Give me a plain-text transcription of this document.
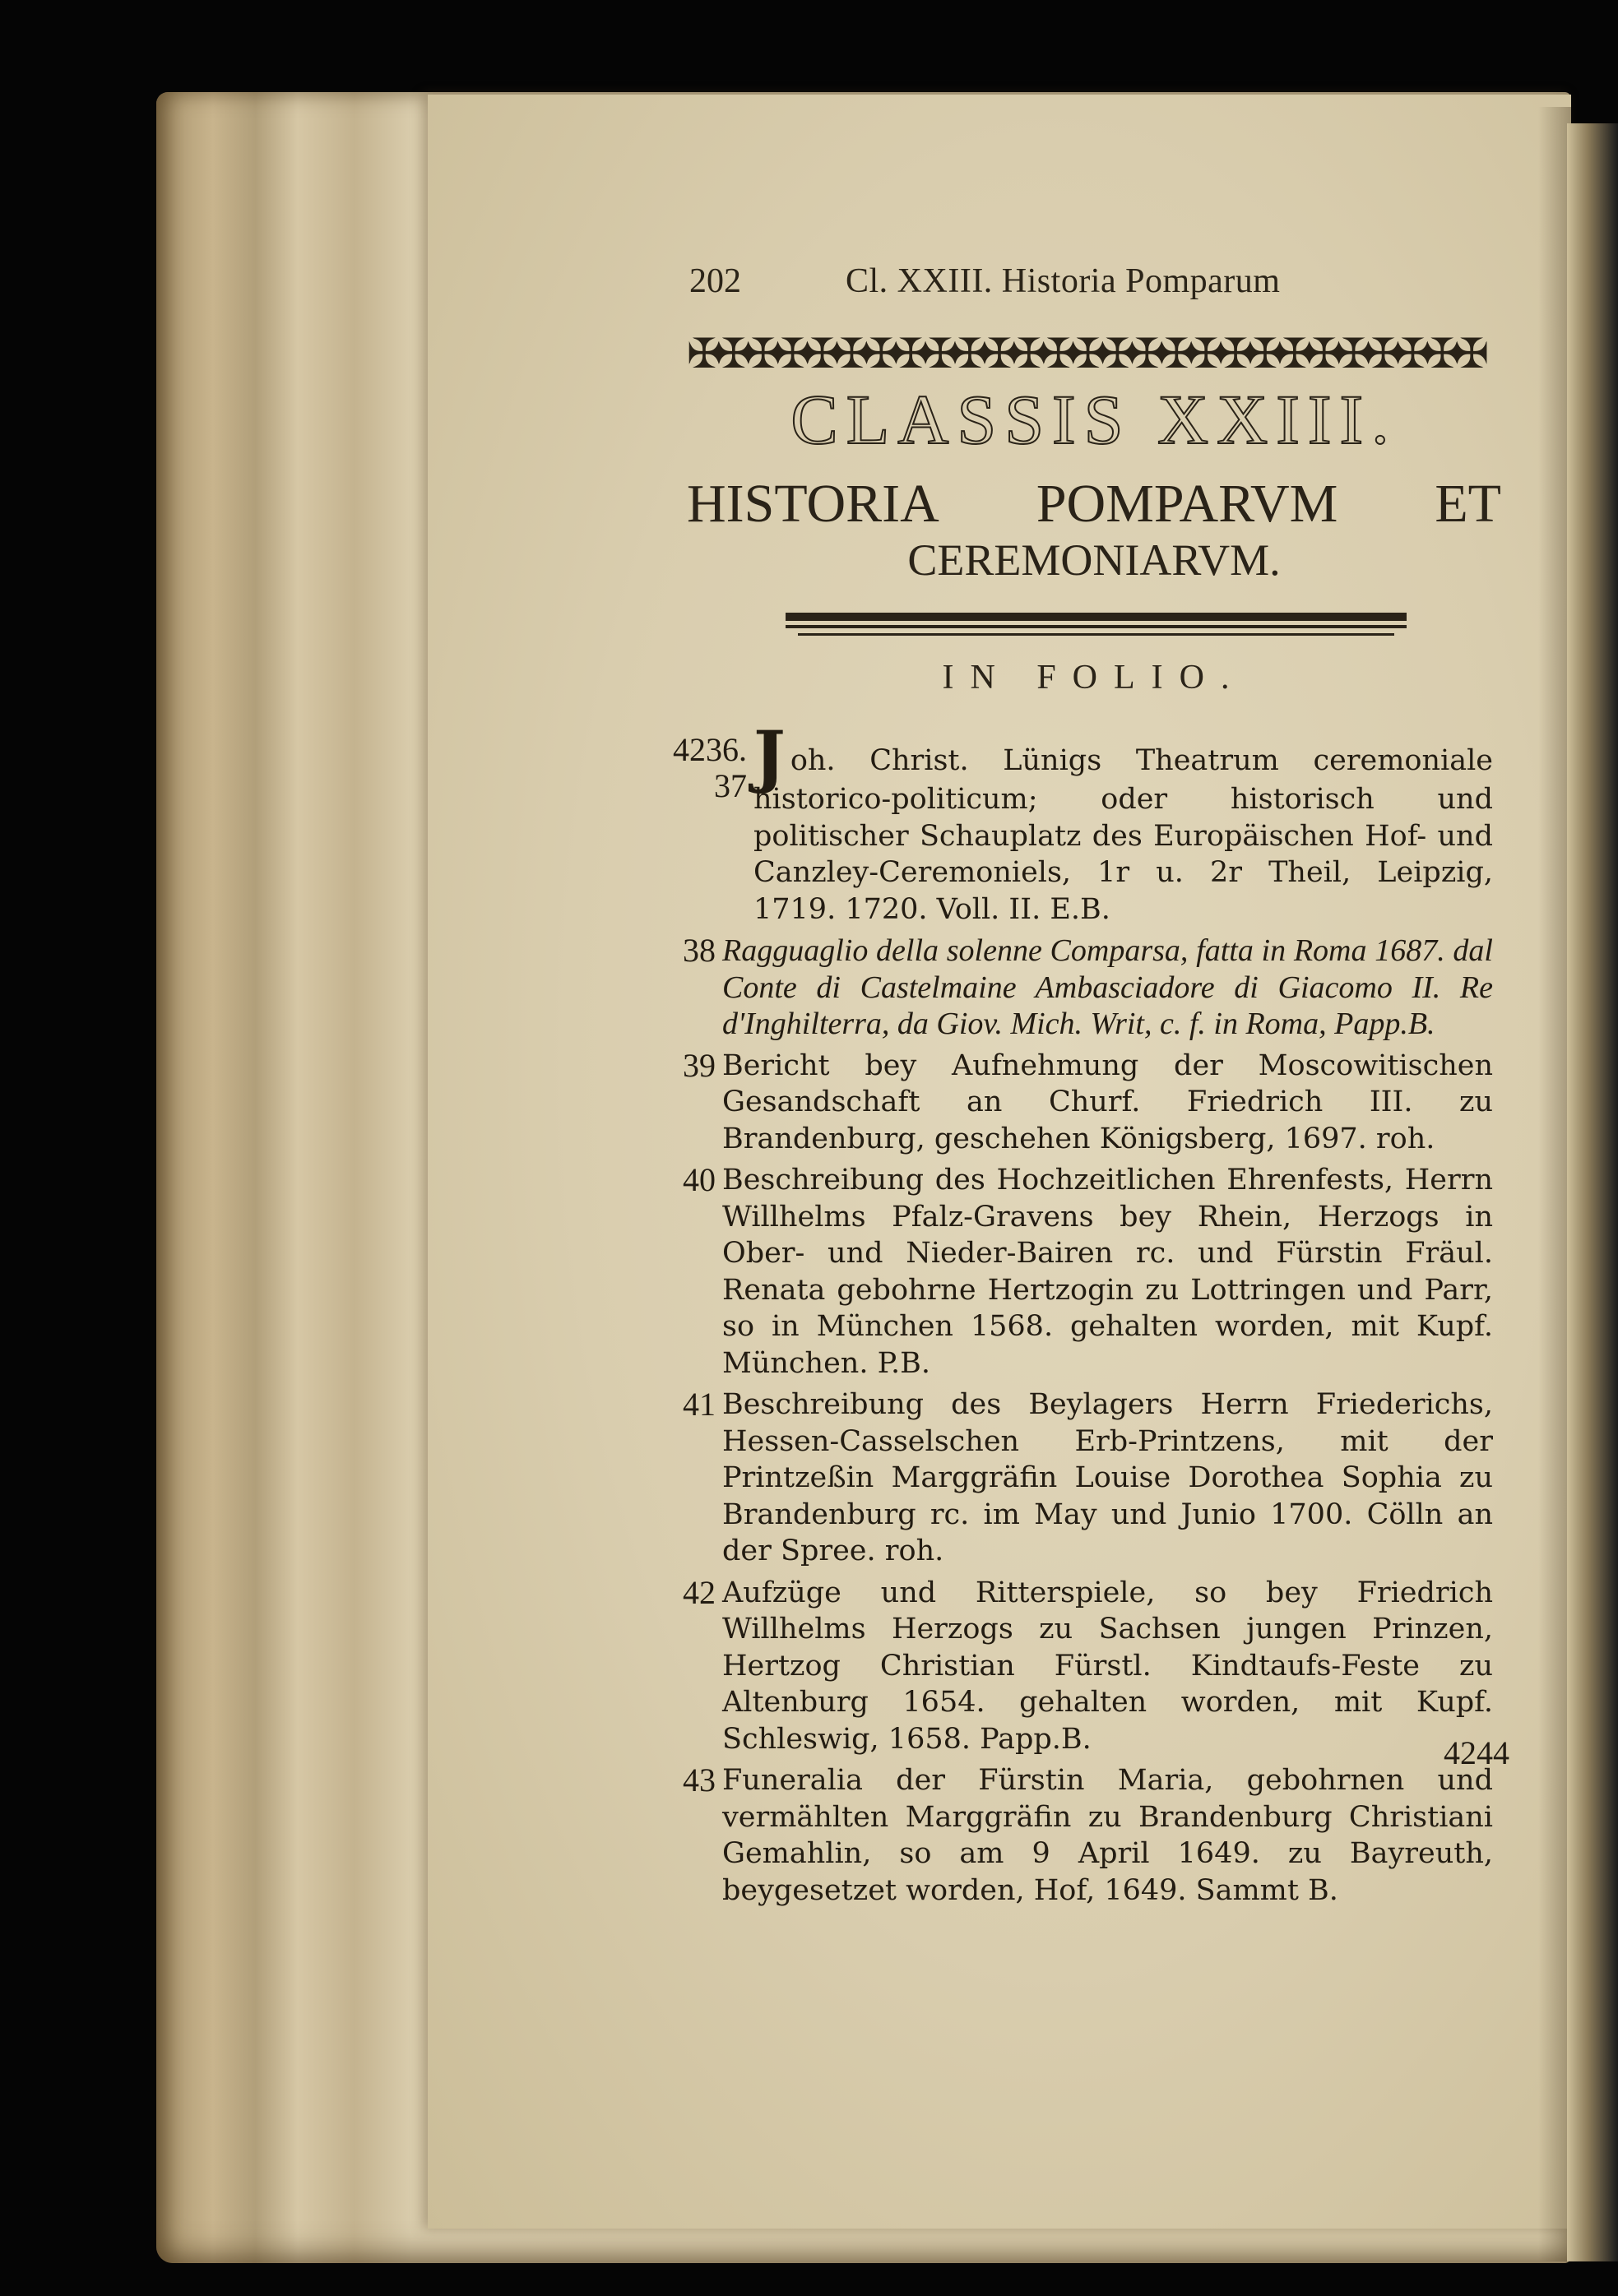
202	Cl. XXIII. Historia Pomparum
✠✠✠✠✠✠✠✠✠✠✠✠✠✠✠✠✠✠✠✠✠✠✠✠✠✠✠
CLASSIS XXIII.
HISTORIA POMPARVM ET
CEREMONIARVM.
IN FOLIO.
4236. 37 Joh. Christ. Lünigs Theatrum ceremoniale historico-politicum; oder historisch und politischer Schauplatz des Europäischen Hof- und Canzley-Ceremoniels, 1r u. 2r Theil, Leipzig, 1719. 1720. Voll. II. E.B.
38 Ragguaglio della solenne Comparsa, fatta in Roma 1687. dal Conte di Castelmaine Ambasciadore di Giacomo II. Re d'Inghilterra, da Giov. Mich. Writ, c. f. in Roma, Papp.B.
39 Bericht bey Aufnehmung der Moscowitischen Gesandschaft an Churf. Friedrich III. zu Brandenburg, geschehen Königsberg, 1697. roh.
40 Beschreibung des Hochzeitlichen Ehrenfests, Herrn Willhelms Pfalz-Gravens bey Rhein, Herzogs in Ober- und Nieder-Bairen rc. und Fürstin Fräul. Renata gebohrne Hertzogin zu Lottringen und Parr, so in München 1568. gehalten worden, mit Kupf. München. P.B.
41 Beschreibung des Beylagers Herrn Friederichs, Hessen-Casselschen Erb-Printzens, mit der Printzeßin Marggräfin Louise Dorothea Sophia zu Brandenburg rc. im May und Junio 1700. Cölln an der Spree. roh.
42 Aufzüge und Ritterspiele, so bey Friedrich Willhelms Herzogs zu Sachsen jungen Prinzen, Hertzog Christian Fürstl. Kindtaufs-Feste zu Altenburg 1654. gehalten worden, mit Kupf. Schleswig, 1658. Papp.B.
43 Funeralia der Fürstin Maria, gebohrnen und vermählten Marggräfin zu Brandenburg Christiani Gemahlin, so am 9 April 1649. zu Bayreuth, beygesetzet worden, Hof, 1649. Sammt B.
4244
